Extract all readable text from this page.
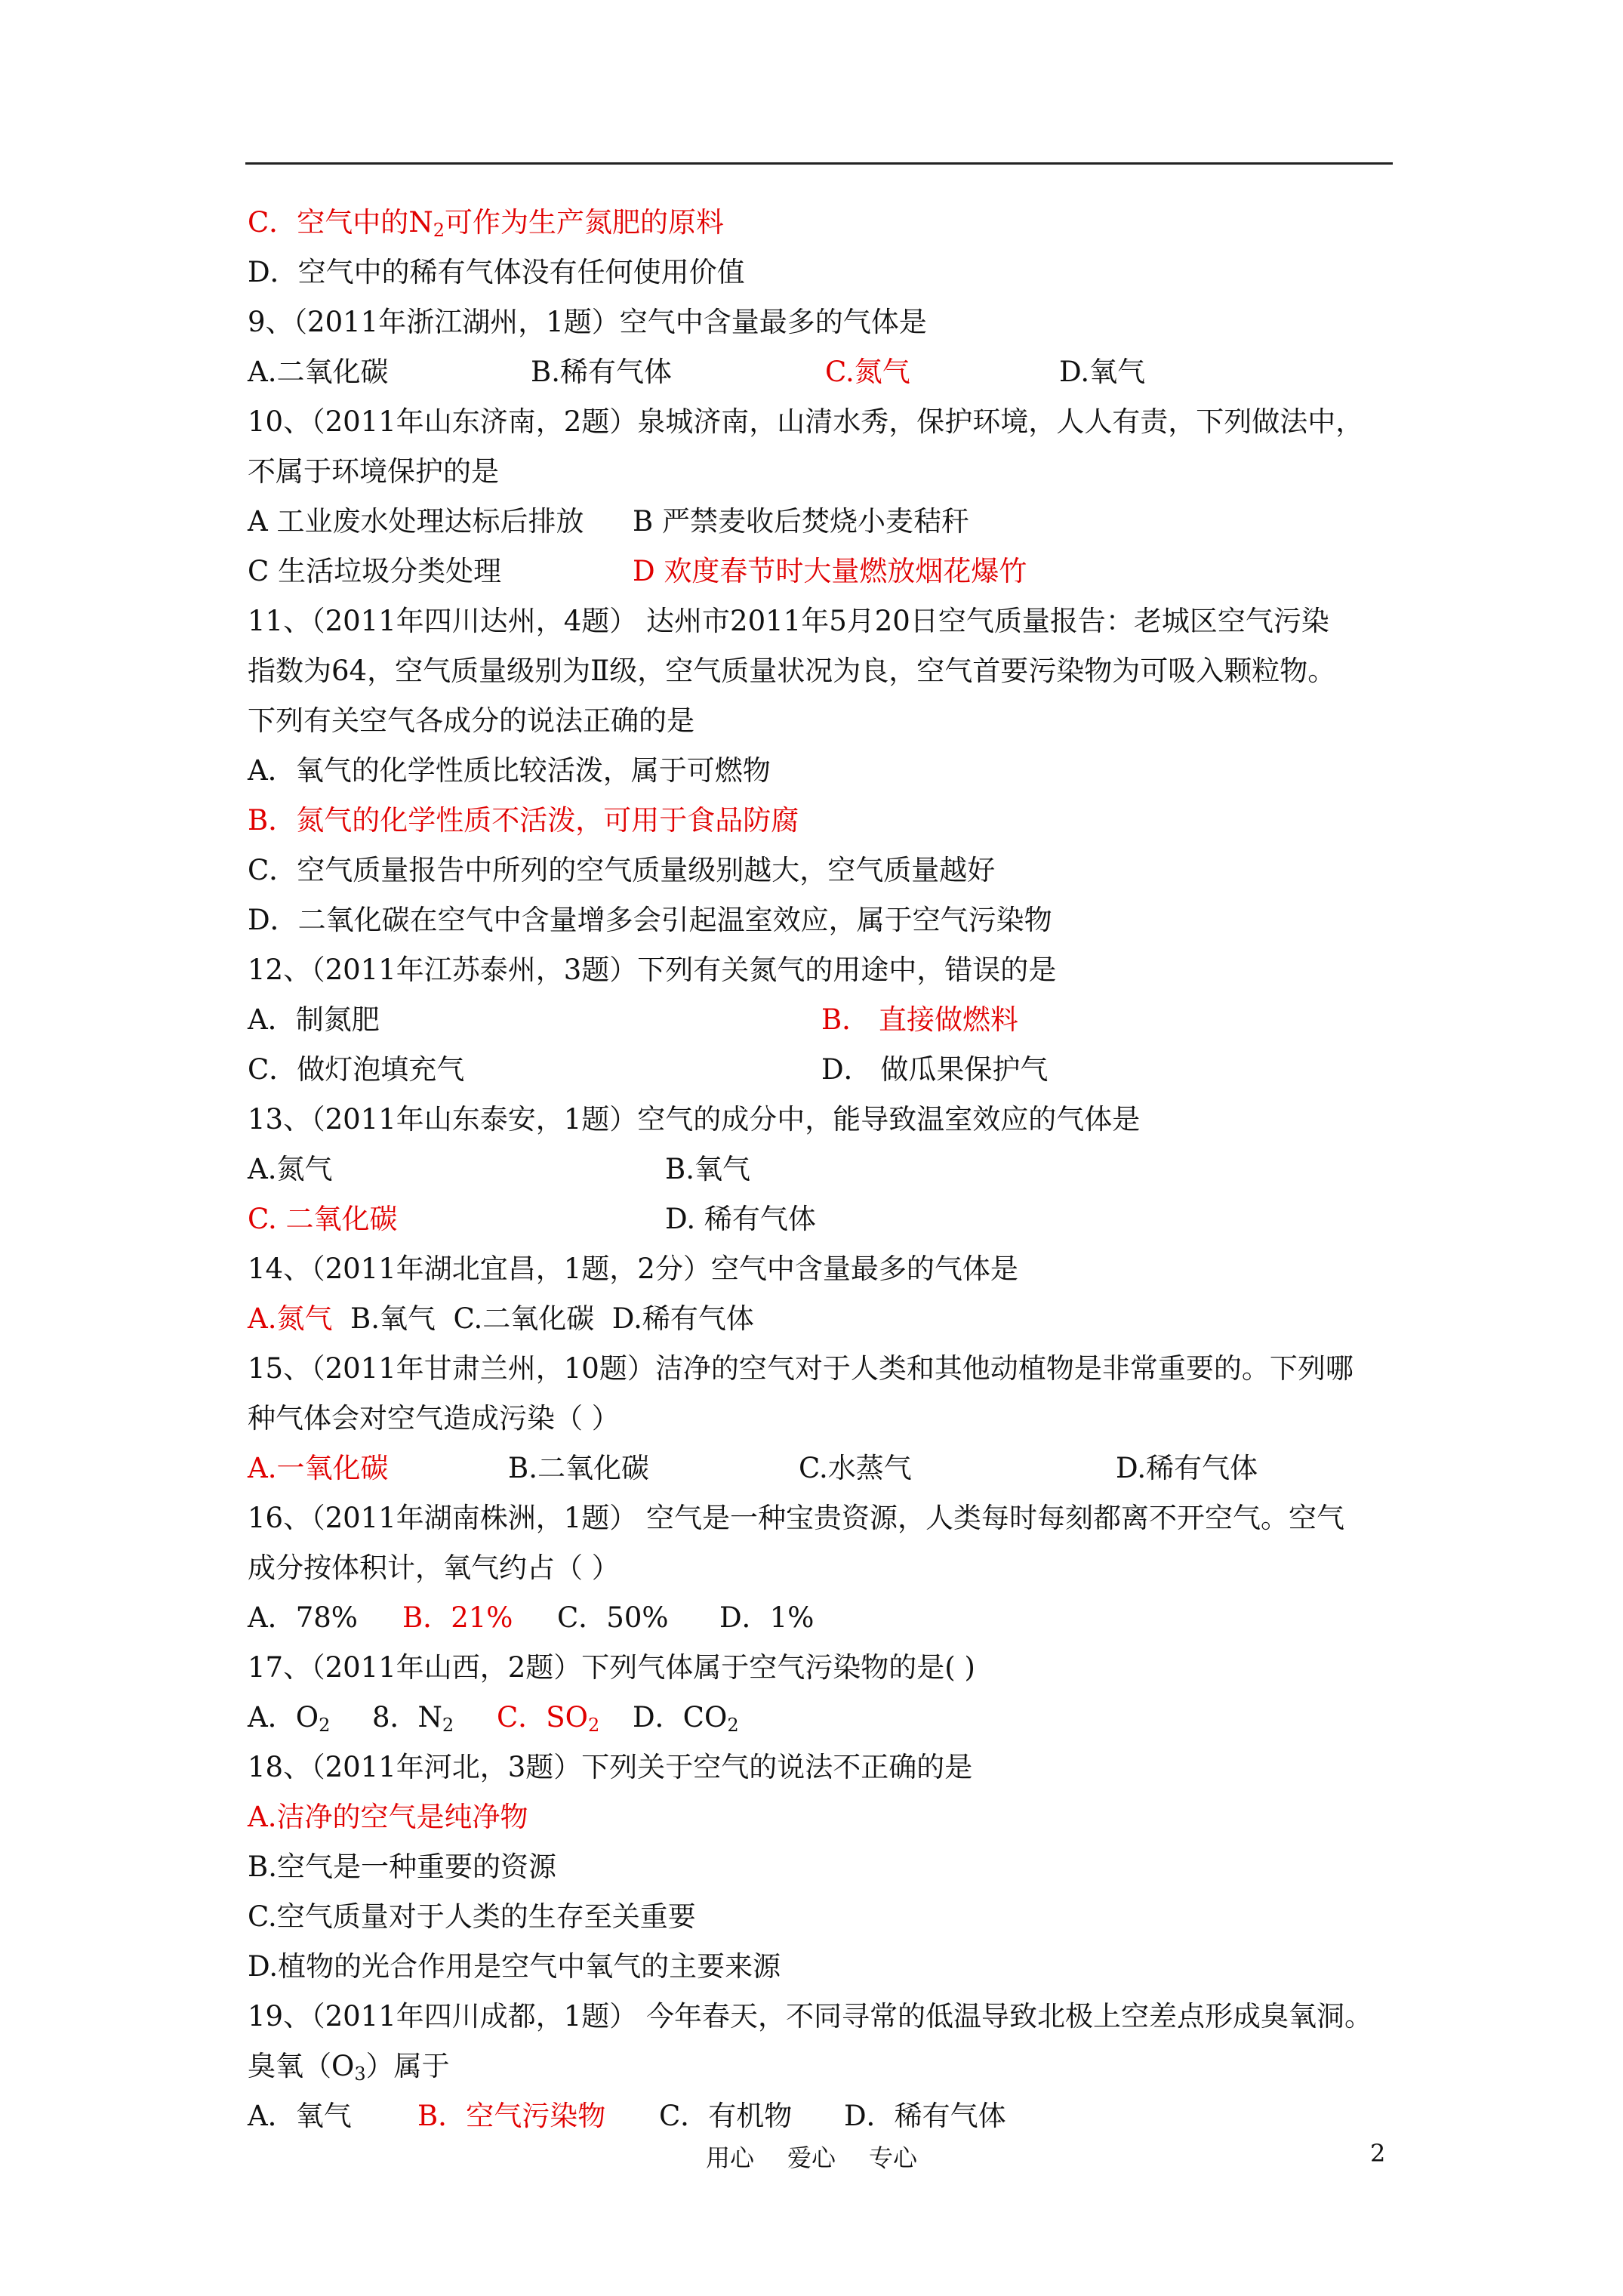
C．空气中的$N_2$可作为生产氮肥的原料
D．空气中的稀有气体没有任何使用价值
9、（2011年浙江湖州，1题）空气中含量最多的气体是
A.二氧化碳	B.稀有气体	C.氮气	D.氧气
10、（2011年山东济南，2题）泉城济南，山清水秀，保护环境，人人有责，下列做法中，
不属于环境保护的是
A 工业废水处理达标后排放	B 严禁麦收后焚烧小麦秸秆
C 生活垃圾分类处理	D 欢度春节时大量燃放烟花爆竹
11、（2011年四川达州，4题） 达州市2011年5月20日空气质量报告：老城区空气污染
指数为64，空气质量级别为Ⅱ级，空气质量状况为良，空气首要污染物为可吸入颗粒物。
下列有关空气各成分的说法正确的是
A．氧气的化学性质比较活泼，属于可燃物
B．氮气的化学性质不活泼，可用于食品防腐
C．空气质量报告中所列的空气质量级别越大，空气质量越好
D．二氧化碳在空气中含量增多会引起温室效应，属于空气污染物
12、（2011年江苏泰州，3题）下列有关氮气的用途中，错误的是
A．制氮肥	B． 直接做燃料
C．做灯泡填充气	D． 做瓜果保护气
13、（2011年山东泰安，1题）空气的成分中，能导致温室效应的气体是
A.氮气	B.氧气
C. 二氧化碳	D. 稀有气体
14、（2011年湖北宜昌，1题，2分）空气中含量最多的气体是
A.氮气  B.氧气  C.二氧化碳  D.稀有气体
15、（2011年甘肃兰州，10题）洁净的空气对于人类和其他动植物是非常重要的。下列哪
种气体会对空气造成污染（ ）
A.一氧化碳	B.二氧化碳	C.水蒸气	D.稀有气体
16、（2011年湖南株洲，1题） 空气是一种宝贵资源，人类每时每刻都离不开空气。空气
成分按体积计，氧气约占（ ）
A．78%	B．21%	C．50%	D．1%
17、（2011年山西，2题）下列气体属于空气污染物的是( )
A．$O_2$	8．$N_2$	C．$SO_2$	D．$CO_2$
18、（2011年河北，3题）下列关于空气的说法不正确的是
A.洁净的空气是纯净物
B.空气是一种重要的资源
C.空气质量对于人类的生存至关重要
D.植物的光合作用是空气中氧气的主要来源
19、（2011年四川成都，1题） 今年春天，不同寻常的低温导致北极上空差点形成臭氧洞。
臭氧$(O_3)$属于
A．氧气	B．空气污染物	C．有机物	D．稀有气体
用心 爱心 专心	2
